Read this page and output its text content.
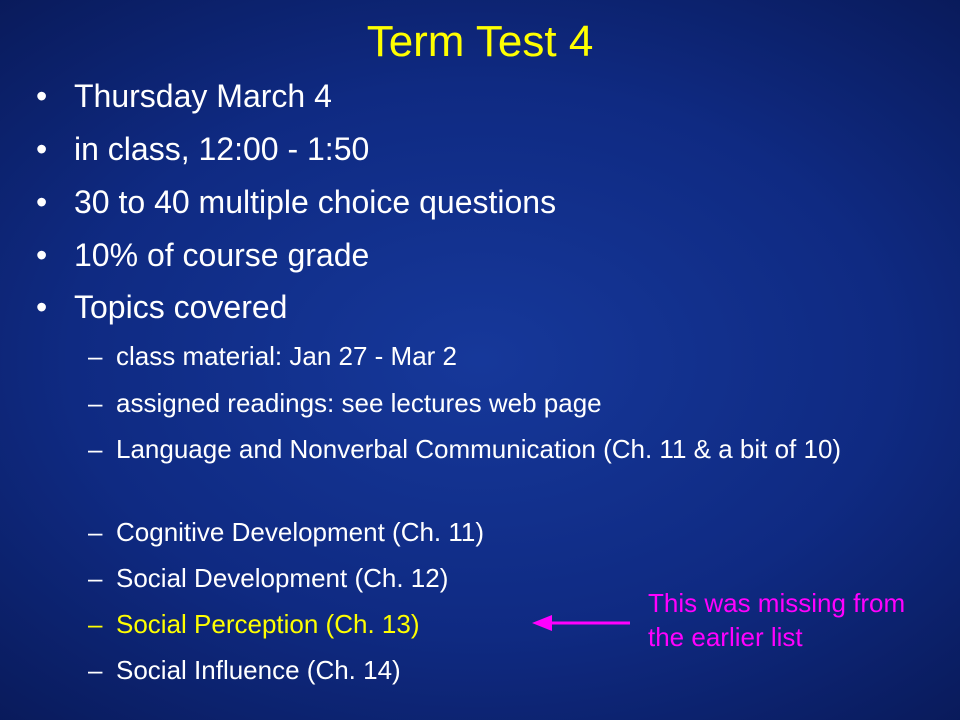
Term Test 4
• Thursday March 4
• in class, 12:00 - 1:50
• 30 to 40 multiple choice questions
• 10% of course grade
• Topics covered
– class material: Jan 27 - Mar 2
– assigned readings: see lectures web page
– Language and Nonverbal Communication (Ch. 11 & a bit of 10)
– Cognitive Development (Ch. 11)
– Social Development (Ch. 12)
– Social Perception (Ch. 13)
– Social Influence (Ch. 14)
This was missing from the earlier list
